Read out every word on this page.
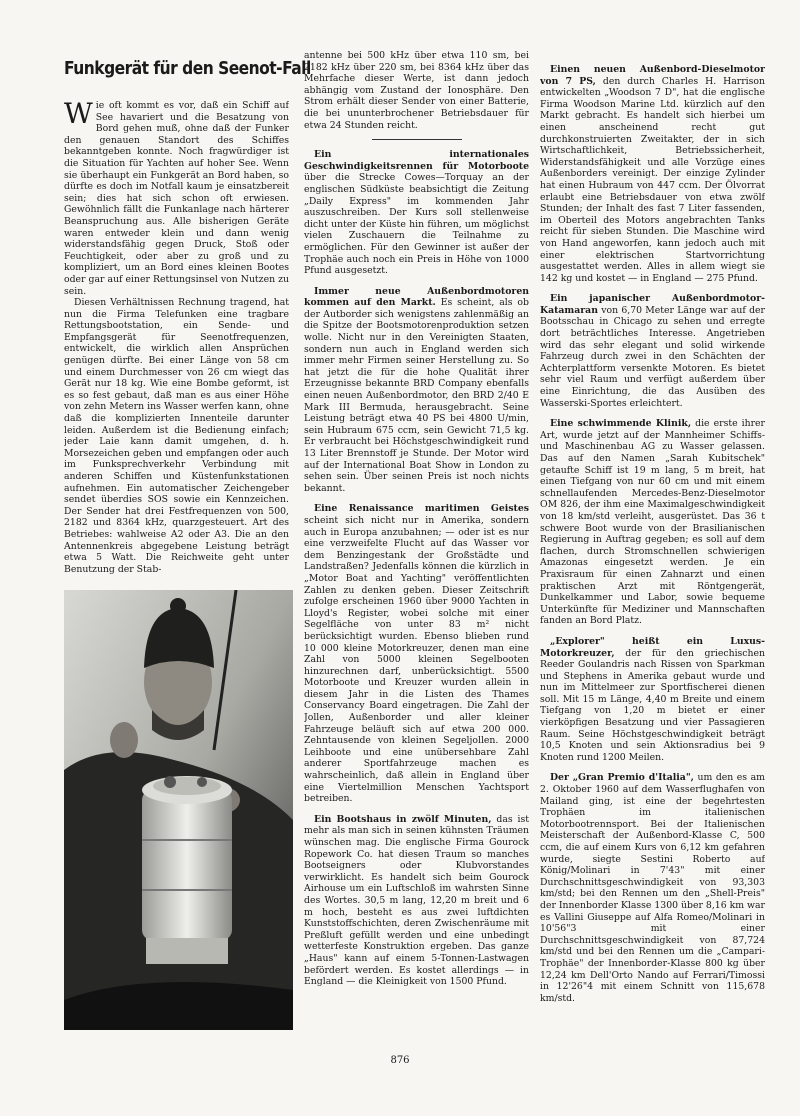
Funkgerät für den Seenot-Fall

Wie oft kommt es vor, daß ein Schiff auf See havariert und die Besatzung von Bord gehen muß, ohne daß der Funker den genauen Standort des Schiffes bekanntgeben konnte. Noch fragwürdiger ist die Situation für Yachten auf hoher See. Wenn sie überhaupt ein Funkgerät an Bord haben, so dürfte es doch im Notfall kaum je einsatzbereit sein; dies hat sich schon oft erwiesen. Gewöhnlich fällt die Funkanlage nach härterer Beanspruchung aus. Alle bisherigen Geräte waren entweder klein und dann wenig widerstandsfähig gegen Druck, Stoß oder Feuchtigkeit, oder aber zu groß und zu kompliziert, um an Bord eines kleinen Bootes oder gar auf einer Rettungsinsel von Nutzen zu sein.

Diesen Verhältnissen Rechnung tragend, hat nun die Firma Telefunken eine tragbare Rettungsbootstation, ein Sende- und Empfangsgerät für Seenotfrequenzen, entwickelt, die wirklich allen Ansprüchen genügen dürfte. Bei einer Länge von 58 cm und einem Durchmesser von 26 cm wiegt das Gerät nur 18 kg. Wie eine Bombe geformt, ist es so fest gebaut, daß man es aus einer Höhe von zehn Metern ins Wasser werfen kann, ohne daß die komplizierten Innenteile darunter leiden. Außerdem ist die Bedienung einfach; jeder Laie kann damit umgehen, d. h. Morsezeichen geben und empfangen oder auch im Funksprechverkehr Verbindung mit anderen Schiffen und Küstenfunkstationen aufnehmen. Ein automatischer Zeichengeber sendet überdies SOS sowie ein Kennzeichen. Der Sender hat drei Festfrequenzen von 500, 2182 und 8364 kHz, quarzgesteuert. Art des Betriebes: wahlweise A2 oder A3. Die an den Antennenkreis abgegebene Leistung beträgt etwa 5 Watt. Die Reichweite geht unter Benutzung der Stab-

antenne bei 500 kHz über etwa 110 sm, bei 2182 kHz über 220 sm, bei 8364 kHz über das Mehrfache dieser Werte, ist dann jedoch abhängig vom Zustand der Ionosphäre. Den Strom erhält dieser Sender von einer Batterie, die bei ununterbrochener Betriebsdauer für etwa 24 Stunden reicht.

Ein internationales Geschwindigkeitsrennen für Motorboote über die Strecke Cowes—Torquay an der englischen Südküste beabsichtigt die Zeitung „Daily Express" im kommenden Jahr auszuschreiben. Der Kurs soll stellenweise dicht unter der Küste hin führen, um möglichst vielen Zuschauern die Teilnahme zu ermöglichen. Für den Gewinner ist außer der Trophäe auch noch ein Preis in Höhe von 1000 Pfund ausgesetzt.

Immer neue Außenbordmotoren kommen auf den Markt. Es scheint, als ob der Autborder sich wenigstens zahlenmäßig an die Spitze der Bootsmotorenproduktion setzen wolle. Nicht nur in den Vereinigten Staaten, sondern nun auch in England werden sich immer mehr Firmen seiner Herstellung zu. So hat jetzt die für die hohe Qualität ihrer Erzeugnisse bekannte BRD Company ebenfalls einen neuen Außenbordmotor, den BRD 2/40 E Mark III Bermuda, herausgebracht. Seine Leistung beträgt etwa 40 PS bei 4800 U/min, sein Hubraum 675 ccm, sein Gewicht 71,5 kg. Er verbraucht bei Höchstgeschwindigkeit rund 13 Liter Brennstoff je Stunde. Der Motor wird auf der International Boat Show in London zu sehen sein. Über seinen Preis ist noch nichts bekannt.

Eine Renaissance maritimen Geistes scheint sich nicht nur in Amerika, sondern auch in Europa anzubahnen; — oder ist es nur eine verzweifelte Flucht auf das Wasser vor dem Benzingestank der Großstädte und Landstraßen? Jedenfalls können die kürzlich in „Motor Boat and Yachting" veröffentlichten Zahlen zu denken geben. Dieser Zeitschrift zufolge erscheinen 1960 über 9000 Yachten in Lloyd's Register, wobei solche mit einer Segelfläche von unter 83 m² nicht berücksichtigt wurden. Ebenso blieben rund 10 000 kleine Motorkreuzer, denen man eine Zahl von 5000 kleinen Segelbooten hinzurechnen darf, unberücksichtigt. 5500 Motorboote und Kreuzer wurden allein in diesem Jahr in die Listen des Thames Conservancy Board eingetragen. Die Zahl der Jollen, Außenborder und aller kleiner Fahrzeuge beläuft sich auf etwa 200 000. Zehntausende von kleinen Segeljollen. 2000 Leihboote und eine unübersehbare Zahl anderer Sportfahrzeuge machen es wahrscheinlich, daß allein in England über eine Viertelmillion Menschen Yachtsport betreiben.

Ein Bootshaus in zwölf Minuten, das ist mehr als man sich in seinen kühnsten Träumen wünschen mag. Die englische Firma Gourock Ropework Co. hat diesen Traum so manches Bootseigners oder Klubvorstandes verwirklicht. Es handelt sich beim Gourock Airhouse um ein Luftschloß im wahrsten Sinne des Wortes. 30,5 m lang, 12,20 m breit und 6 m hoch, besteht es aus zwei luftdichten Kunststoffschichten, deren Zwischenräume mit Preßluft gefüllt werden und eine unbedingt wetterfeste Konstruktion ergeben. Das ganze „Haus" kann auf einem 5-Tonnen-Lastwagen befördert werden. Es kostet allerdings — in England — die Kleinigkeit von 1500 Pfund.

Einen neuen Außenbord-Dieselmotor von 7 PS, den durch Charles H. Harrison entwickelten „Woodson 7 D", hat die englische Firma Woodson Marine Ltd. kürzlich auf den Markt gebracht. Es handelt sich hierbei um einen anscheinend recht gut durchkonstruierten Zweitakter, der in sich Wirtschaftlichkeit, Betriebssicherheit, Widerstandsfähigkeit und alle Vorzüge eines Außenborders vereinigt. Der einzige Zylinder hat einen Hubraum von 447 ccm. Der Ölvorrat erlaubt eine Betriebsdauer von etwa zwölf Stunden; der Inhalt des fast 7 Liter fassenden, im Oberteil des Motors angebrachten Tanks reicht für sieben Stunden. Die Maschine wird von Hand angeworfen, kann jedoch auch mit einer elektrischen Startvorrichtung ausgestattet werden. Alles in allem wiegt sie 142 kg und kostet — in England — 275 Pfund.

Ein japanischer Außenbordmotor-Katamaran von 6,70 Meter Länge war auf der Bootsschau in Chicago zu sehen und erregte dort beträchtliches Interesse. Angetrieben wird das sehr elegant und solid wirkende Fahrzeug durch zwei in den Schächten der Achterplattform versenkte Motoren. Es bietet sehr viel Raum und verfügt außerdem über eine Einrichtung, die das Ausüben des Wasserski-Sportes erleichtert.

Eine schwimmende Klinik, die erste ihrer Art, wurde jetzt auf der Mannheimer Schiffs- und Maschinenbau AG zu Wasser gelassen. Das auf den Namen „Sarah Kubitschek" getaufte Schiff ist 19 m lang, 5 m breit, hat einen Tiefgang von nur 60 cm und mit einem schnellaufenden Mercedes-Benz-Dieselmotor OM 826, der ihm eine Maximalgeschwindigkeit von 18 km/std verleiht, ausgerüstet. Das 36 t schwere Boot wurde von der Brasilianischen Regierung in Auftrag gegeben; es soll auf dem flachen, durch Stromschnellen schwierigen Amazonas eingesetzt werden. Je ein Praxisraum für einen Zahnarzt und einen praktischen Arzt mit Röntgengerät, Dunkelkammer und Labor, sowie bequeme Unterkünfte für Mediziner und Mannschaften fanden an Bord Platz.

„Explorer" heißt ein Luxus-Motorkreuzer, der für den griechischen Reeder Goulandris nach Rissen von Sparkman und Stephens in Amerika gebaut wurde und nun im Mittelmeer zur Sportfischerei dienen soll. Mit 15 m Länge, 4,40 m Breite und einem Tiefgang von 1,20 m bietet er einer vierköpfigen Besatzung und vier Passagieren Raum. Seine Höchstgeschwindigkeit beträgt 10,5 Knoten und sein Aktionsradius bei 9 Knoten rund 1200 Meilen.

Der „Gran Premio d'Italia", um den es am 2. Oktober 1960 auf dem Wasserflughafen von Mailand ging, ist eine der begehrtesten Trophäen im italienischen Motorbootrennsport. Bei der Italienischen Meisterschaft der Außenbord-Klasse C, 500 ccm, die auf einem Kurs von 6,12 km gefahren wurde, siegte Sestini Roberto auf König/Molinari in 7'43" mit einer Durchschnittsgeschwindigkeit von 93,303 km/std; bei den Rennen um den „Shell-Preis" der Innenborder Klasse 1300 über 8,16 km war es Vallini Giuseppe auf Alfa Romeo/Molinari in 10'56"3 mit einer Durchschnittsgeschwindigkeit von 87,724 km/std und bei den Rennen um die „Campari-Trophäe" der Innenborder-Klasse 800 kg über 12,24 km Dell'Orto Nando auf Ferrari/Timossi in 12'26"4 mit einem Schnitt von 115,678 km/std.

876
